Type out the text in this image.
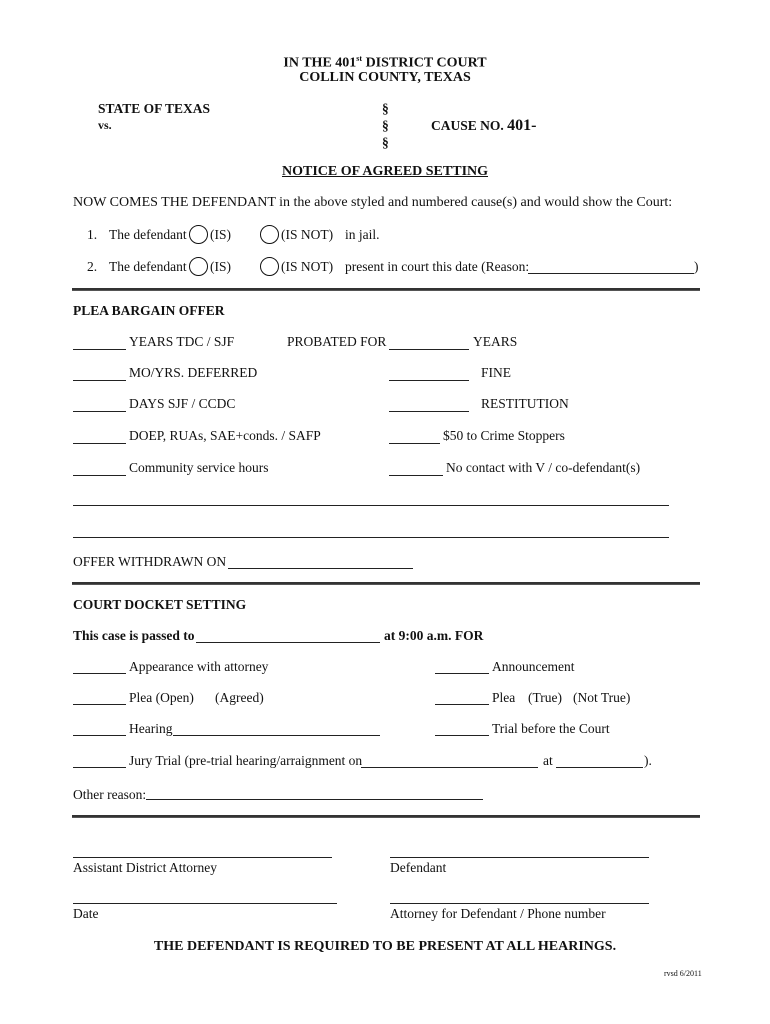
IN THE 401st DISTRICT COURT
COLLIN COUNTY, TEXAS
STATE OF TEXAS
vs.
§
§
§
CAUSE NO. 401-
NOTICE OF AGREED SETTING
NOW COMES THE DEFENDANT in the above styled and numbered cause(s) and would show the Court:
1. The defendant (IS)	(IS NOT) in jail.
2. The defendant (IS)	(IS NOT) present in court this date (Reason:	)
PLEA BARGAIN OFFER
YEARS TDC / SJF	PROBATED FOR	YEARS
MO/YRS. DEFERRED	FINE
DAYS SJF / CCDC	RESTITUTION
DOEP, RUAs, SAE+conds. / SAFP	$50 to Crime Stoppers
Community service hours	No contact with V / co-defendant(s)
OFFER WITHDRAWN ON
COURT DOCKET SETTING
This case is passed to	at 9:00 a.m. FOR
Appearance with attorney	Announcement
Plea (Open) (Agreed)	Plea (True) (Not True)
Hearing	Trial before the Court
Jury Trial (pre-trial hearing/arraignment on	at	).
Other reason:
Assistant District Attorney	Defendant
Date	Attorney for Defendant / Phone number
THE DEFENDANT IS REQUIRED TO BE PRESENT AT ALL HEARINGS.
rvsd 6/2011
